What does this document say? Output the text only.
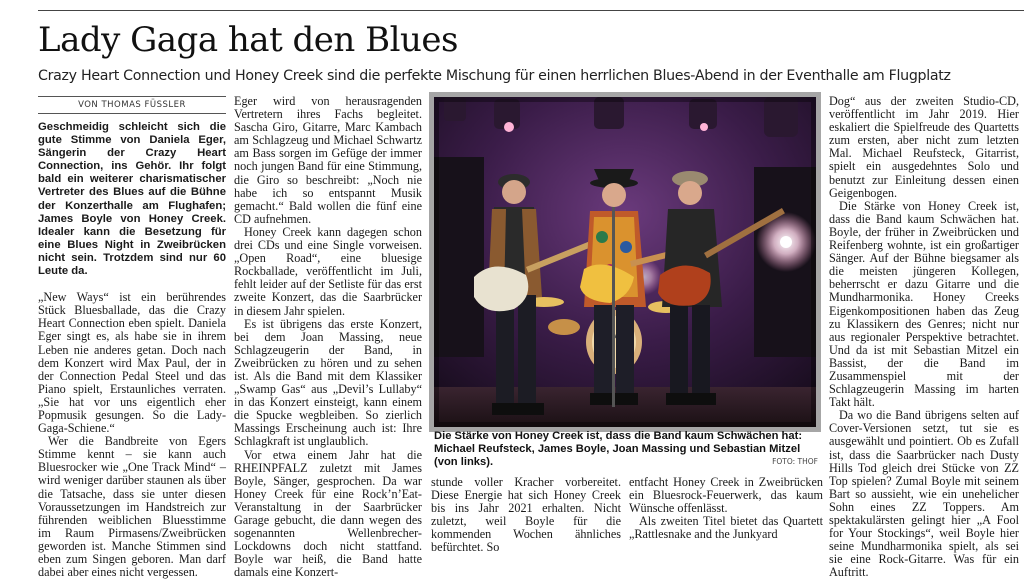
Lady Gaga hat den Blues

Crazy Heart Connection und Honey Creek sind die perfekte Mischung für einen herrlichen Blues-Abend in der Eventhalle am Flugplatz

VON THOMAS FÜSSLER

Geschmeidig schleicht sich die gute Stimme von Daniela Eger, Sängerin der Crazy Heart Connection, ins Gehör. Ihr folgt bald ein weiterer charismatischer Vertreter des Blues auf die Bühne der Konzerthalle am Flughafen; James Boyle von Honey Creek. Idealer kann die Besetzung für eine Blues Night in Zweibrücken nicht sein. Trotzdem sind nur 60 Leute da.

„New Ways“ ist ein berührendes Stück Bluesballade, das die Crazy Heart Connection eben spielt. Daniela Eger singt es, als habe sie in ihrem Leben nie anderes getan. Doch nach dem Konzert wird Max Paul, der in der Connection Pedal Steel und das Piano spielt, Erstaunliches verraten. „Sie hat vor uns eigentlich eher Popmusik gesungen. So die Lady-Gaga-Schiene.“

Wer die Bandbreite von Egers Stimme kennt – sie kann auch Bluesrocker wie „One Track Mind“ – wird weniger darüber staunen als über die Tatsache, dass sie unter diesen Voraussetzungen im Handstreich zur führenden weiblichen Bluesstimme im Raum Pirmasens/Zweibrücken geworden ist. Manche Stimmen sind eben zum Singen geboren. Man darf dabei aber eines nicht vergessen.

Eger wird von herausragenden Vertretern ihres Fachs begleitet. Sascha Giro, Gitarre, Marc Kambach am Schlagzeug und Michael Schwartz am Bass sorgen im Gefüge der immer noch jungen Band für eine Stimmung, die Giro so beschreibt: „Noch nie habe ich so entspannt Musik gemacht.“ Bald wollen die fünf eine CD aufnehmen.

Honey Creek kann dagegen schon drei CDs und eine Single vorweisen. „Open Road“, eine bluesige Rockballade, veröffentlicht im Juli, fehlt leider auf der Setliste für das erst zweite Konzert, das die Saarbrücker in diesem Jahr spielen.

Es ist übrigens das erste Konzert, bei dem Joan Massing, neue Schlagzeugerin der Band, in Zweibrücken zu hören und zu sehen ist. Als die Band mit dem Klassiker „Swamp Gas“ aus „Devil’s Lullaby“ in das Konzert einsteigt, kann einem die Spucke wegbleiben. So zierlich Massings Erscheinung auch ist: Ihre Schlagkraft ist unglaublich.

Vor etwa einem Jahr hat die RHEINPFALZ zuletzt mit James Boyle, Sänger, gesprochen. Da war Honey Creek für eine Rock’n’Eat-Veranstaltung in der Saarbrücker Garage gebucht, die dann wegen des sogenannten Wellenbrecher-Lockdowns doch nicht stattfand. Boyle war heiß, die Band hatte damals eine Konzert-

Die Stärke von Honey Creek ist, dass die Band kaum Schwächen hat: Michael Reufsteck, James Boyle, Joan Massing und Sebastian Mitzel (von links).	FOTO: THOF

stunde voller Kracher vorbereitet. Diese Energie hat sich Honey Creek bis ins Jahr 2021 erhalten. Nicht zuletzt, weil Boyle für die kommenden Wochen ähnliches befürchtet. So

entfacht Honey Creek in Zweibrücken ein Bluesrock-Feuerwerk, das kaum Wünsche offenlässt.

Als zweiten Titel bietet das Quartett „Rattlesnake and the Junkyard

Dog“ aus der zweiten Studio-CD, veröffentlicht im Jahr 2019. Hier eskaliert die Spielfreude des Quartetts zum ersten, aber nicht zum letzten Mal. Michael Reufsteck, Gitarrist, spielt ein ausgedehntes Solo und benutzt zur Einleitung dessen einen Geigenbogen.

Die Stärke von Honey Creek ist, dass die Band kaum Schwächen hat. Boyle, der früher in Zweibrücken und Reifenberg wohnte, ist ein großartiger Sänger. Auf der Bühne biegsamer als die meisten jüngeren Kollegen, beherrscht er dazu Gitarre und die Mundharmonika. Honey Creeks Eigenkompositionen haben das Zeug zu Klassikern des Genres; nicht nur aus regionaler Perspektive betrachtet. Und da ist mit Sebastian Mitzel ein Bassist, der die Band im Zusammenspiel mit der Schlagzeugerin Massing im harten Takt hält.

Da wo die Band übrigens selten auf Cover-Versionen setzt, tut sie es ausgewählt und pointiert. Ob es Zufall ist, dass die Saarbrücker nach Dusty Hills Tod gleich drei Stücke von ZZ Top spielen? Zumal Boyle mit seinem Bart so aussieht, wie ein unehelicher Sohn eines ZZ Toppers. Am spektakulärsten gelingt hier „A Fool for Your Stockings“, weil Boyle hier seine Mundharmonika spielt, als sei sie eine Rock-Gitarre. Was für ein Auftritt.
